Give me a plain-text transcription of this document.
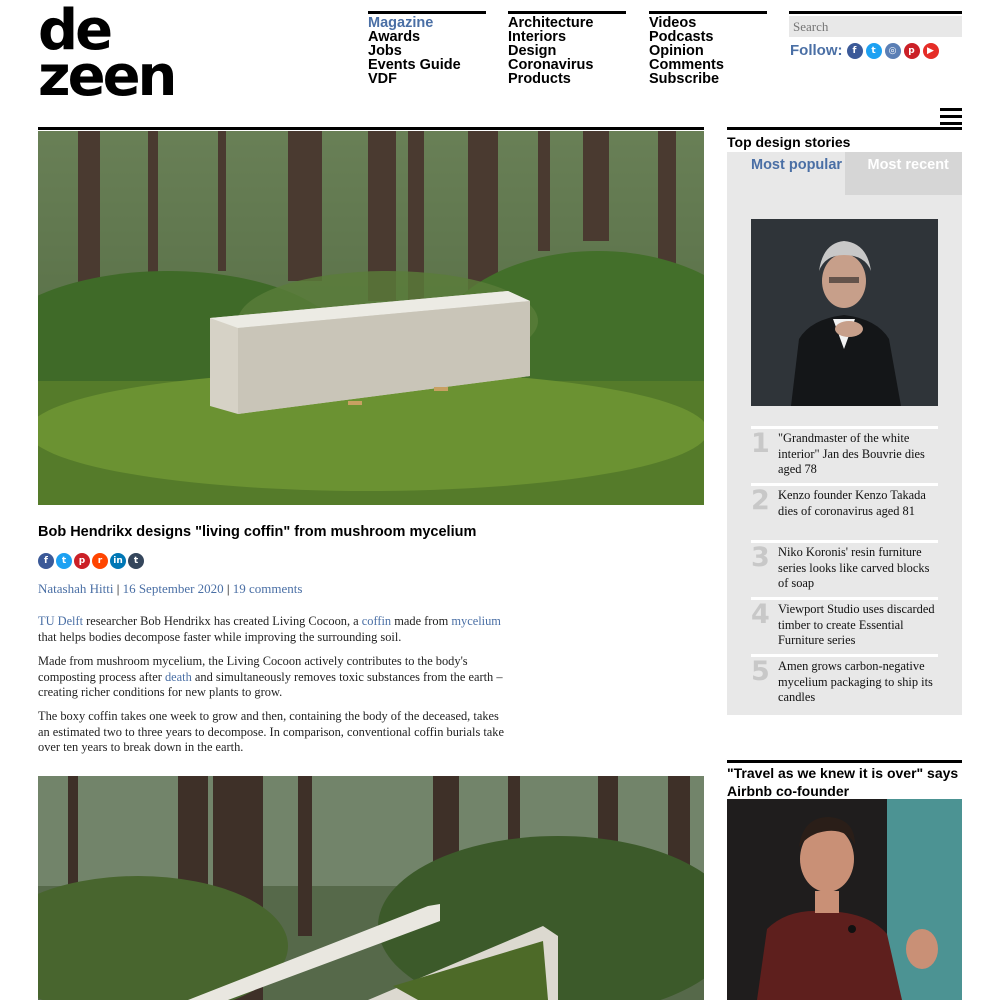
de
zeen
Magazine
Awards
Jobs
Events Guide
VDF
Architecture
Interiors
Design
Coronavirus
Products
Videos
Podcasts
Opinion
Comments
Subscribe
Search
Follow:	f	t	◎	p	▶
Bob Hendrikx designs "living coffin" from mushroom mycelium
f	t	p	r	in	t
Natashah Hitti | 16 September 2020 | 19 comments

TU Delft researcher Bob Hendrikx has created Living Cocoon, a coffin made from mycelium that helps bodies decompose faster while improving the surrounding soil.

Made from mushroom mycelium, the Living Cocoon actively contributes to the body's composting process after death and simultaneously removes toxic substances from the earth – creating richer conditions for new plants to grow.

The boxy coffin takes one week to grow and then, containing the body of the deceased, takes an estimated two to three years to decompose. In comparison, conventional coffin burials take over ten years to break down in the earth.

Top design stories
Most popular	Most recent
1 "Grandmaster of the white interior" Jan des Bouvrie dies aged 78
2 Kenzo founder Kenzo Takada dies of coronavirus aged 81
3 Niko Koronis' resin furniture series looks like carved blocks of soap
4 Viewport Studio uses discarded timber to create Essential Furniture series
5 Amen grows carbon-negative mycelium packaging to ship its candles
"Travel as we knew it is over" says Airbnb co-founder
